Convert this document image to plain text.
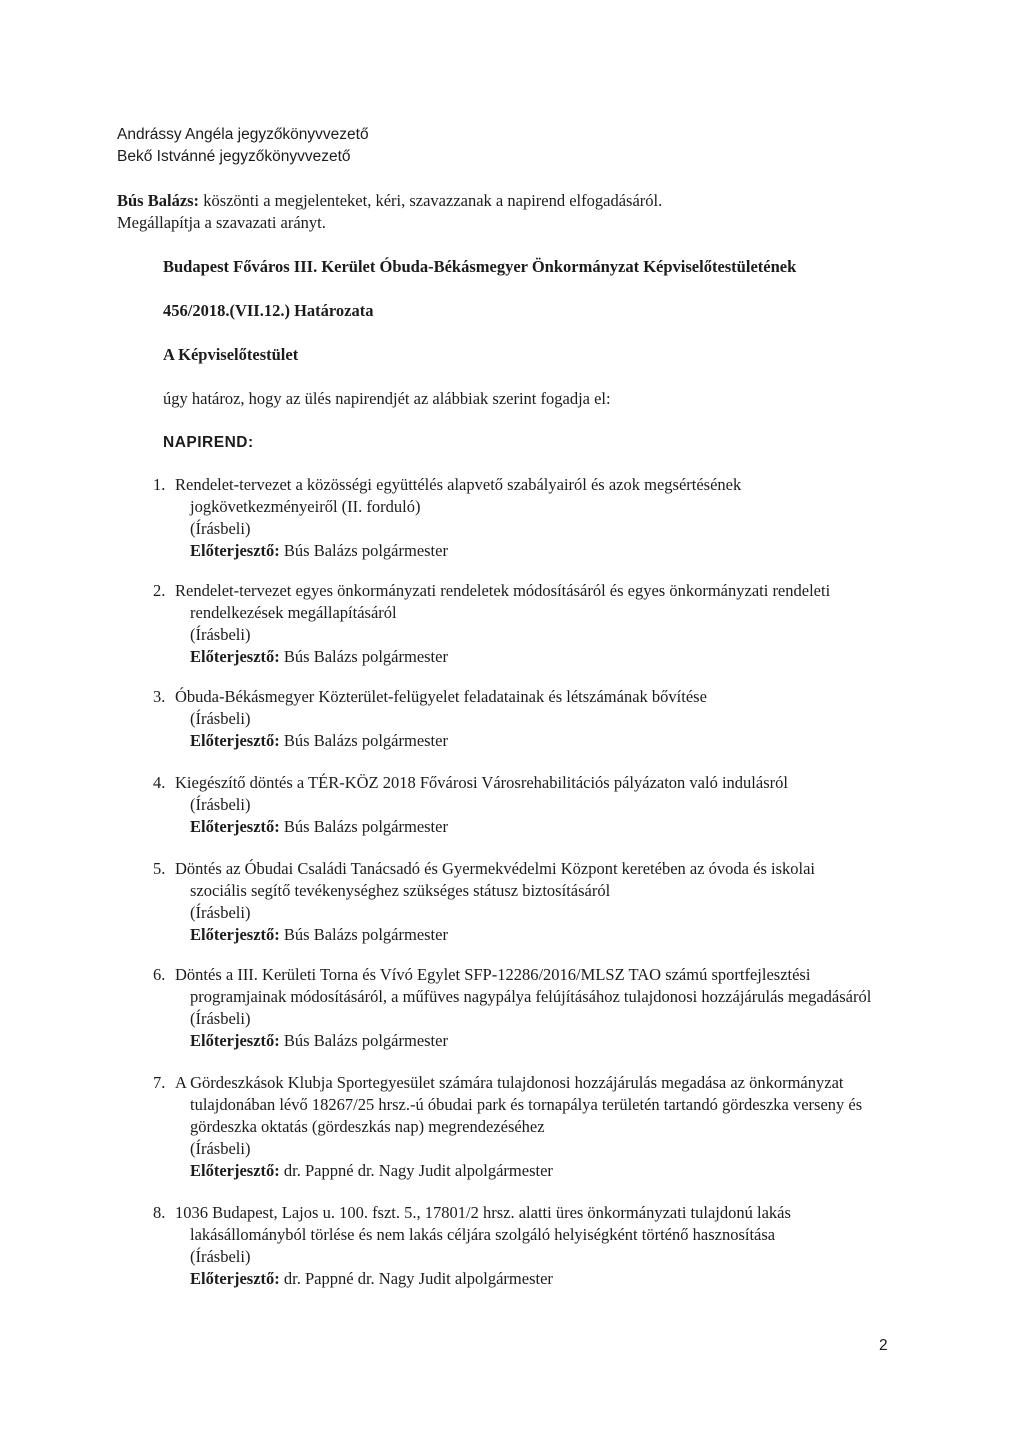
Andrássy Angéla jegyzőkönyvvezető
Bekő Istvánné jegyzőkönyvvezető
Bús Balázs: köszönti a megjelenteket, kéri, szavazzanak a napirend elfogadásáról.
Megállapítja a szavazati arányt.
Budapest Főváros III. Kerület Óbuda-Békásmegyer Önkormányzat Képviselőtestületének
456/2018.(VII.12.) Határozata
A Képviselőtestület
úgy határoz, hogy az ülés napirendjét az alábbiak szerint fogadja el:
NAPIREND:
1. Rendelet-tervezet a közösségi együttélés alapvető szabályairól és azok megsértésének
jogkövetkezményeiről (II. forduló)
(Írásbeli)
Előterjesztő: Bús Balázs polgármester
2. Rendelet-tervezet egyes önkormányzati rendeletek módosításáról és egyes önkormányzati rendeleti
rendelkezések megállapításáról
(Írásbeli)
Előterjesztő: Bús Balázs polgármester
3. Óbuda-Békásmegyer Közterület-felügyelet feladatainak és létszámának bővítése
(Írásbeli)
Előterjesztő: Bús Balázs polgármester
4. Kiegészítő döntés a TÉR-KÖZ 2018 Fővárosi Városrehabilitációs pályázaton való indulásról
(Írásbeli)
Előterjesztő: Bús Balázs polgármester
5. Döntés az Óbudai Családi Tanácsadó és Gyermekvédelmi Központ keretében az óvoda és iskolai
szociális segítő tevékenységhez szükséges státusz biztosításáról
(Írásbeli)
Előterjesztő: Bús Balázs polgármester
6. Döntés a III. Kerületi Torna és Vívó Egylet SFP-12286/2016/MLSZ TAO számú sportfejlesztési
programjainak módosításáról, a műfüves nagypálya felújításához tulajdonosi hozzájárulás megadásáról
(Írásbeli)
Előterjesztő: Bús Balázs polgármester
7. A Gördeszkások Klubja Sportegyesület számára tulajdonosi hozzájárulás megadása az önkormányzat
tulajdonában lévő 18267/25 hrsz.-ú óbudai park és tornapálya területén tartandó gördeszka verseny és
gördeszka oktatás (gördeszkás nap) megrendezéséhez
(Írásbeli)
Előterjesztő: dr. Pappné dr. Nagy Judit alpolgármester
8. 1036 Budapest, Lajos u. 100. fszt. 5., 17801/2 hrsz. alatti üres önkormányzati tulajdonú lakás
lakásállományból törlése és nem lakás céljára szolgáló helyiségként történő hasznosítása
(Írásbeli)
Előterjesztő: dr. Pappné dr. Nagy Judit alpolgármester
2
